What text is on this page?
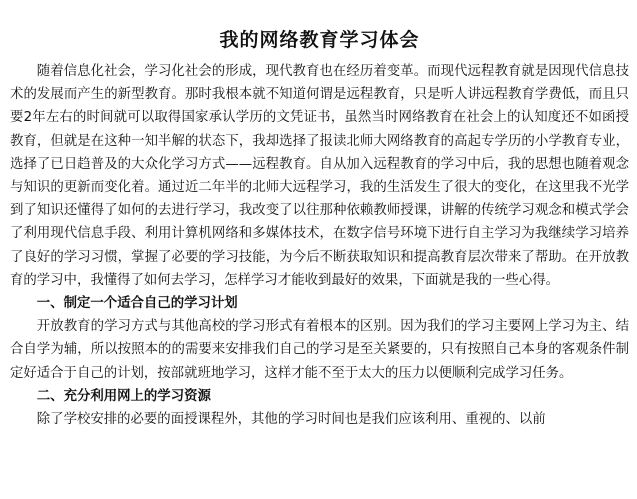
我的网络教育学习体会

随着信息化社会，学习化社会的形成，现代教育也在经历着变革。而现代远程教育就是因现代信息技术的发展而产生的新型教育。那时我根本就不知道何谓是远程教育，只是听人讲远程教育学费低，而且只要2年左右的时间就可以取得国家承认学历的文凭证书，虽然当时网络教育在社会上的认知度还不如函授教育，但就是在这种一知半解的状态下，我却选择了报读北师大网络教育的高起专学历的小学教育专业，选择了已日趋普及的大众化学习方式——远程教育。自从加入远程教育的学习中后，我的思想也随着观念与知识的更新而变化着。通过近二年半的北师大远程学习，我的生活发生了很大的变化，在这里我不光学到了知识还懂得了如何的去进行学习，我改变了以往那种依赖教师授课，讲解的传统学习观念和模式学会了利用现代信息手段、利用计算机网络和多媒体技术，在数字信号环境下进行自主学习为我继续学习培养了良好的学习习惯，掌握了必要的学习技能，为今后不断获取知识和提高教育层次带来了帮助。在开放教育的学习中，我懂得了如何去学习，怎样学习才能收到最好的效果，下面就是我的一些心得。

一、制定一个适合自己的学习计划

开放教育的学习方式与其他高校的学习形式有着根本的区别。因为我们的学习主要网上学习为主、结合自学为辅，所以按照本的的需要来安排我们自己的学习是至关紧要的，只有按照自己本身的客观条件制定好适合于自己的计划，按部就班地学习，这样才能不至于太大的压力以便顺利完成学习任务。

二、充分利用网上的学习资源

除了学校安排的必要的面授课程外，其他的学习时间也是我们应该利用、重视的、以前
